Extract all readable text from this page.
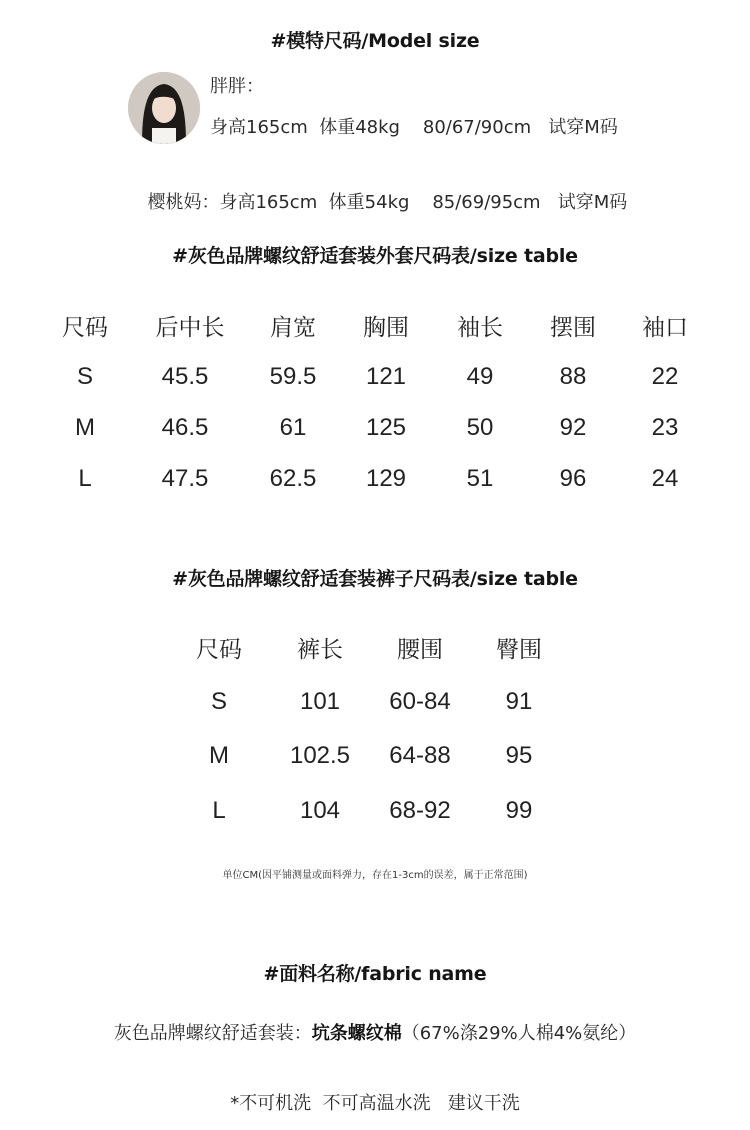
#模特尺码/Model size
胖胖：
身高165cm  体重48kg    80/67/90cm   试穿M码

樱桃妈：身高165cm  体重54kg    85/69/95cm   试穿M码

#灰色品牌螺纹舒适套装外套尺码表/size table
尺码 后中长 肩宽 胸围 袖长 摆围 袖口
S	45.5	59.5 121	49	88	22
M	46.5	61 125	50	92	23
L	47.5	62.5 129	51	96	24
#灰色品牌螺纹舒适套装裤子尺码表/size table
尺码 裤长 腰围 臀围
S	101 60-84 91
M	102.5 64-88 95
L	104 68-92 99
单位CM(因平铺测量或面料弹力，存在1-3cm的误差，属于正常范围)
#面料名称/fabric name
灰色品牌螺纹舒适套装：坑条螺纹棉（67%涤29%人棉4%氨纶）
*不可机洗  不可高温水洗   建议干洗
